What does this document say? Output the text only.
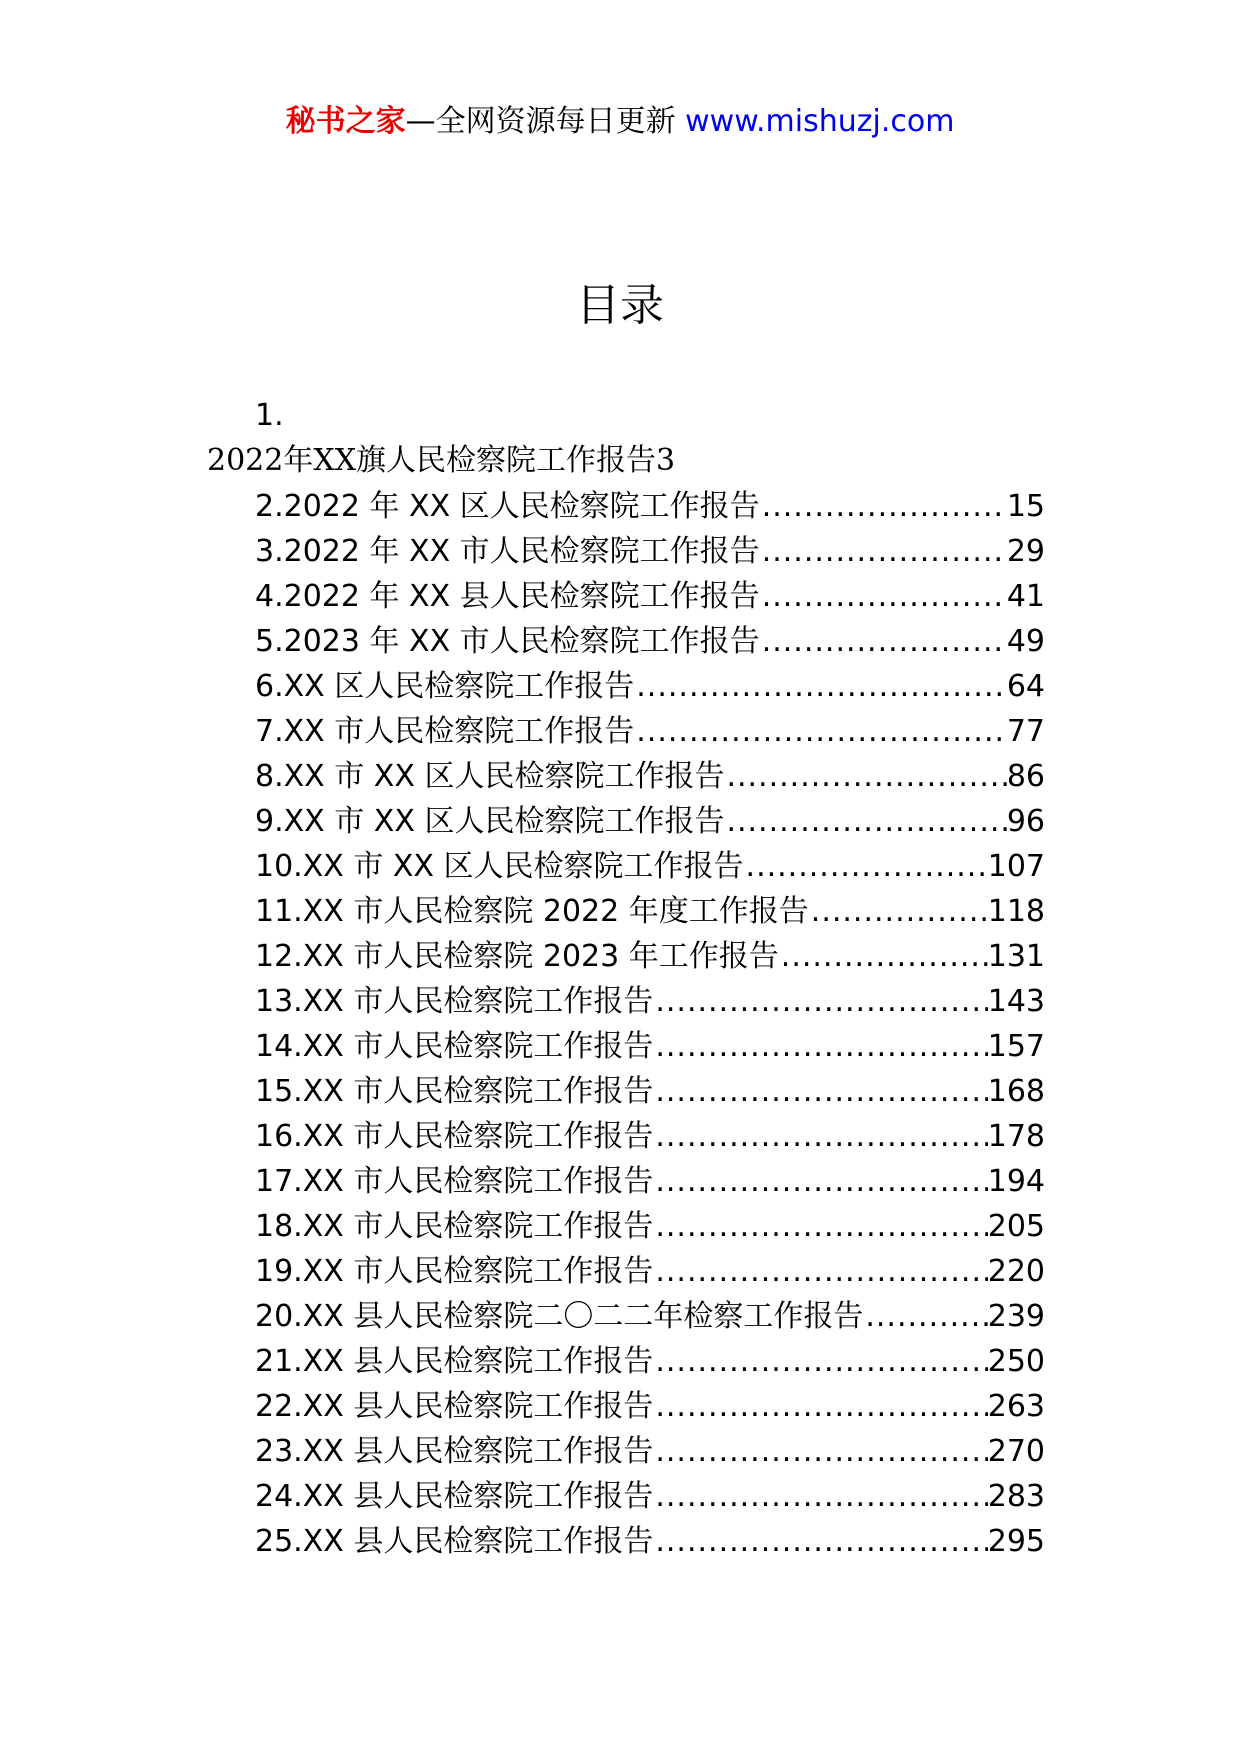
秘书之家—全网资源每日更新 www.mishuzj.com
目录
1.
2022年XX旗人民检察院工作报告3
2.2022 年 XX 区人民检察院工作报告 .....	15
3.2022 年 XX 市人民检察院工作报告 .....	29
4.2022 年 XX 县人民检察院工作报告 .....	41
5.2023 年 XX 市人民检察院工作报告 .....	49
6.XX 区人民检察院工作报告 .....	64
7.XX 市人民检察院工作报告 .....	77
8.XX 市 XX 区人民检察院工作报告 .....	86
9.XX 市 XX 区人民检察院工作报告 .....	96
10.XX 市 XX 区人民检察院工作报告 .....	107
11.XX 市人民检察院 2022 年度工作报告 .....	118
12.XX 市人民检察院 2023 年工作报告 .....	131
13.XX 市人民检察院工作报告 .....	143
14.XX 市人民检察院工作报告 .....	157
15.XX 市人民检察院工作报告 .....	168
16.XX 市人民检察院工作报告 .....	178
17.XX 市人民检察院工作报告 .....	194
18.XX 市人民检察院工作报告 .....	205
19.XX 市人民检察院工作报告 .....	220
20.XX 县人民检察院二〇二二年检察工作报告 .....	239
21.XX 县人民检察院工作报告 .....	250
22.XX 县人民检察院工作报告 .....	263
23.XX 县人民检察院工作报告 .....	270
24.XX 县人民检察院工作报告 .....	283
25.XX 县人民检察院工作报告 .....	295
